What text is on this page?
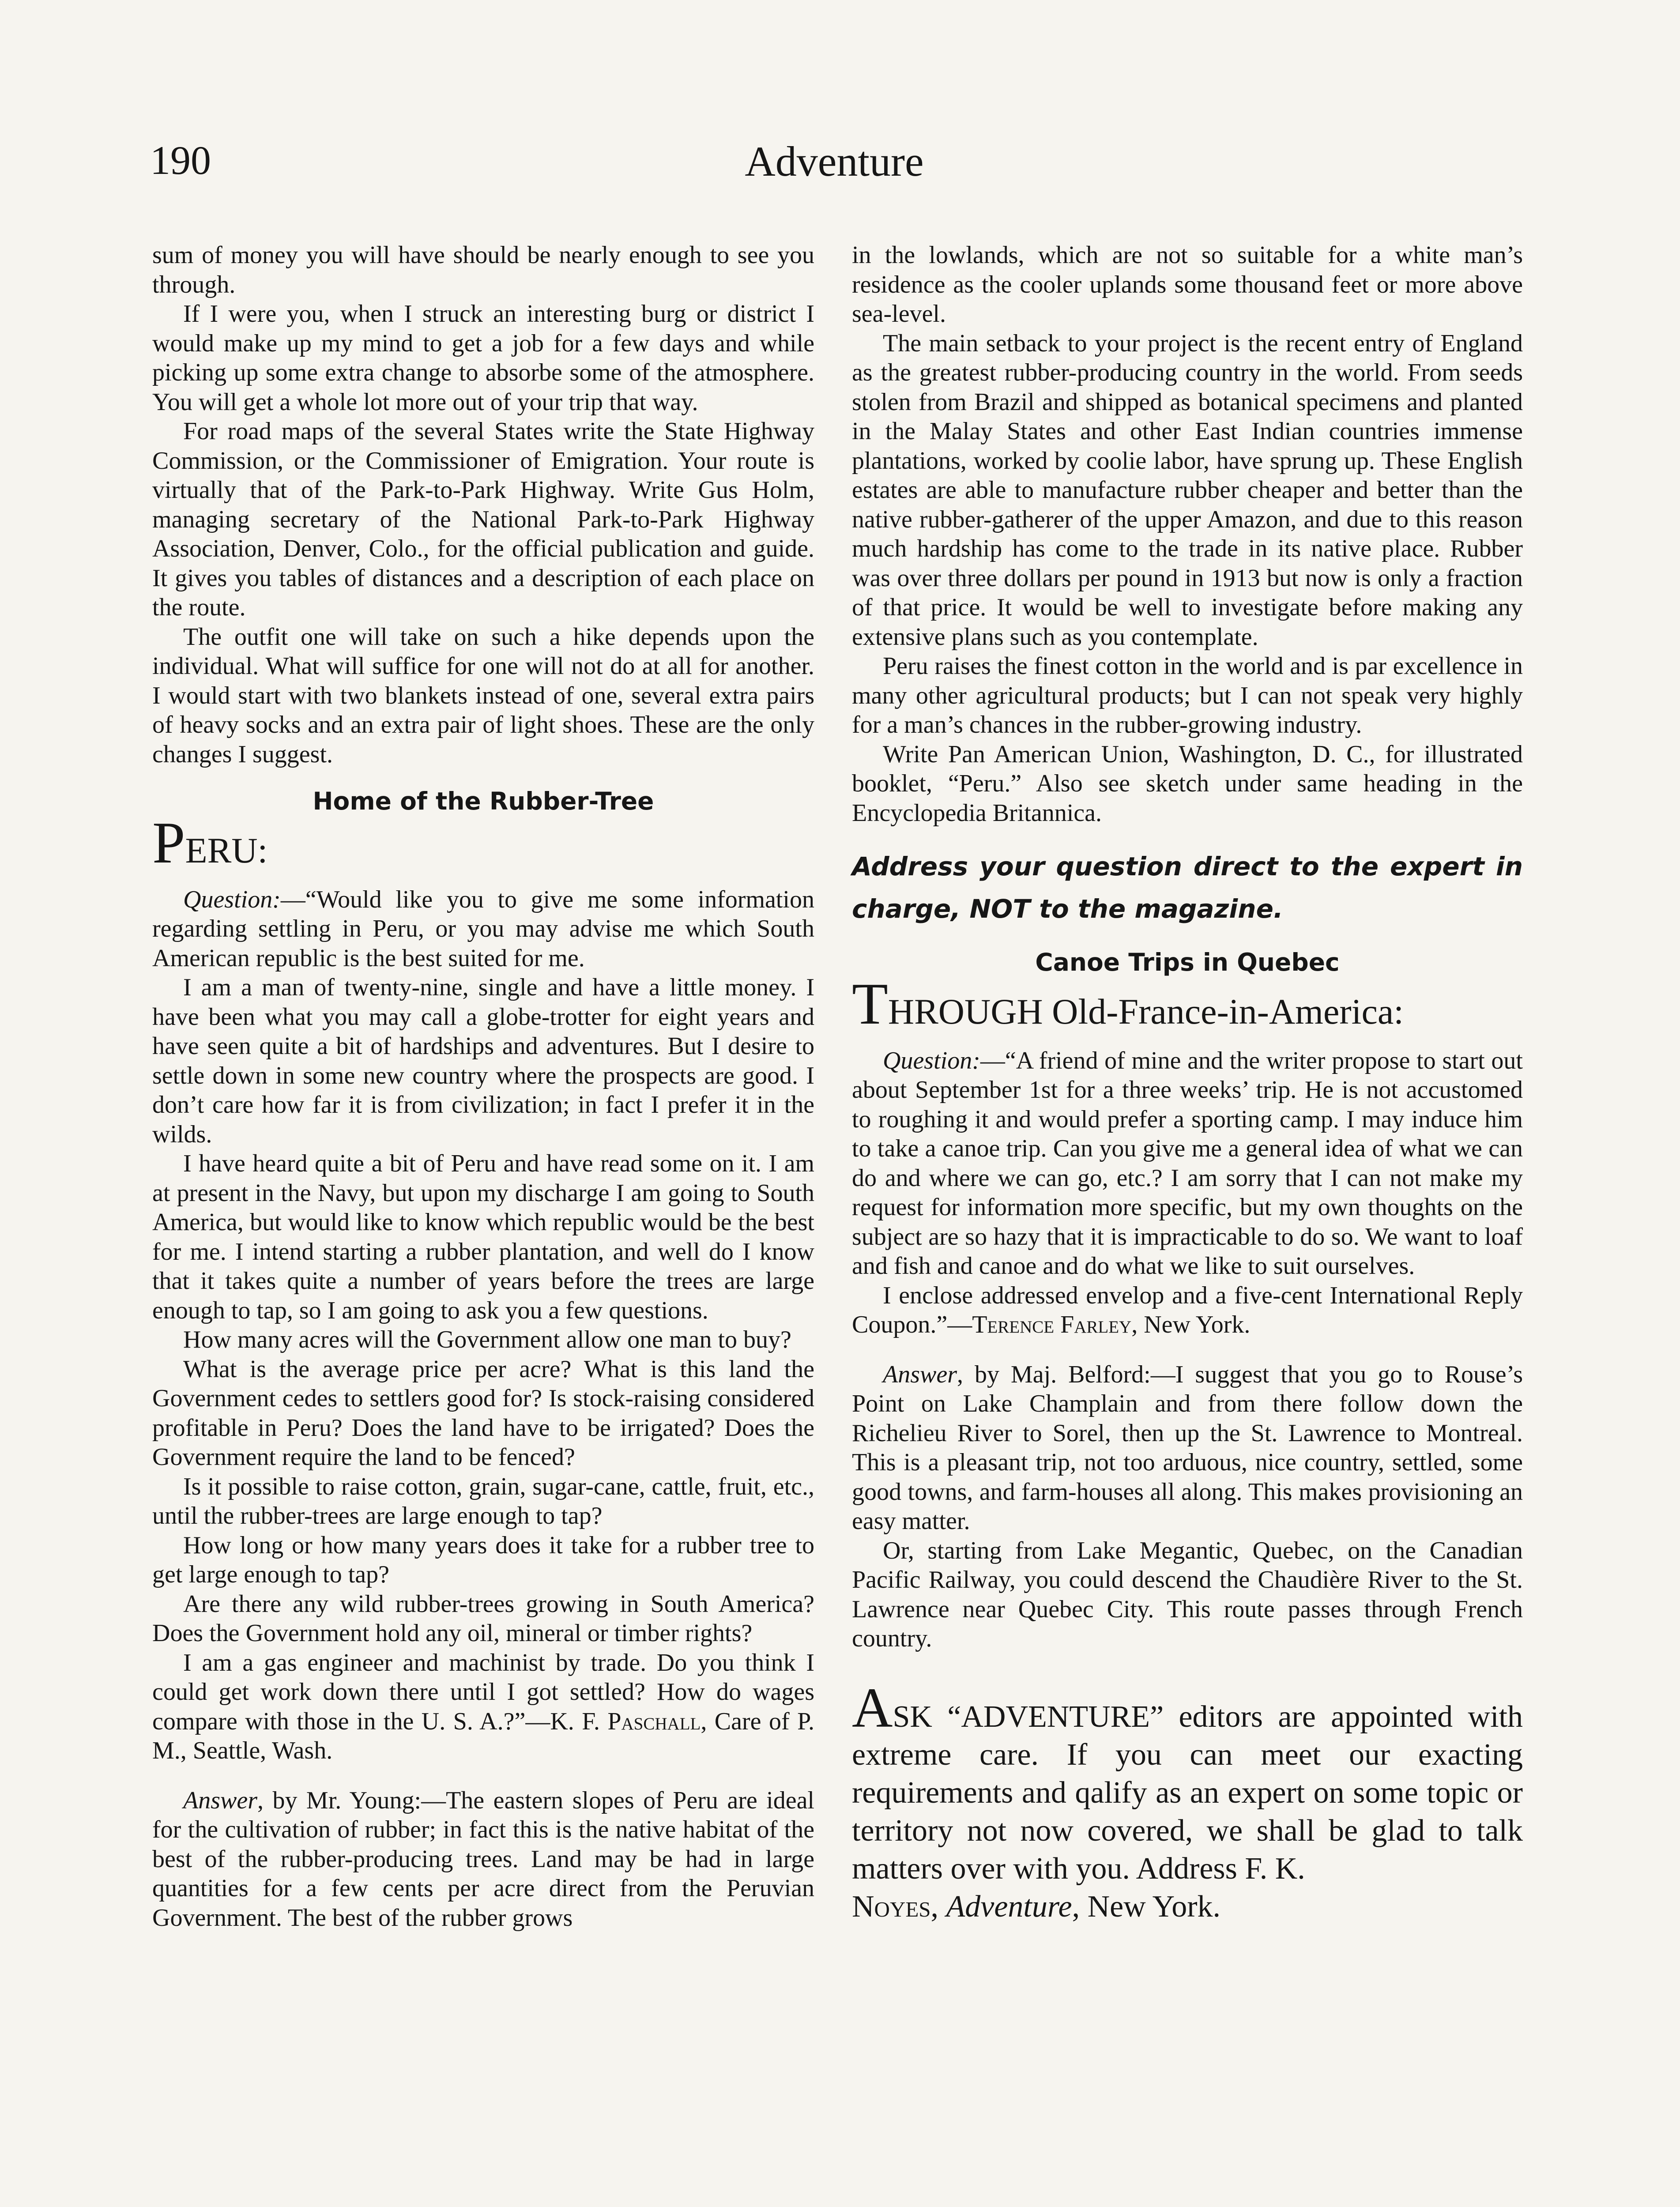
190	Adventure

sum of money you will have should be nearly enough to see you through.

If I were you, when I struck an interesting burg or district I would make up my mind to get a job for a few days and while picking up some extra change to absorbe some of the atmosphere. You will get a whole lot more out of your trip that way.

For road maps of the several States write the State Highway Commission, or the Commissioner of Emigration. Your route is virtually that of the Park-to-Park Highway. Write Gus Holm, managing secretary of the National Park-to-Park Highway Association, Denver, Colo., for the official publication and guide. It gives you tables of distances and a description of each place on the route.

The outfit one will take on such a hike depends upon the individual. What will suffice for one will not do at all for another. I would start with two blankets instead of one, several extra pairs of heavy socks and an extra pair of light shoes. These are the only changes I suggest.

Home of the Rubber-Tree
PERU:

Question:—“Would like you to give me some information regarding settling in Peru, or you may advise me which South American republic is the best suited for me.

I am a man of twenty-nine, single and have a little money. I have been what you may call a globe-trotter for eight years and have seen quite a bit of hardships and adventures. But I desire to settle down in some new country where the prospects are good. I don’t care how far it is from civilization; in fact I prefer it in the wilds.

I have heard quite a bit of Peru and have read some on it. I am at present in the Navy, but upon my discharge I am going to South America, but would like to know which republic would be the best for me. I intend starting a rubber plantation, and well do I know that it takes quite a number of years before the trees are large enough to tap, so I am going to ask you a few questions.

How many acres will the Government allow one man to buy?

What is the average price per acre? What is this land the Government cedes to settlers good for? Is stock-raising considered profitable in Peru? Does the land have to be irrigated? Does the Government require the land to be fenced?

Is it possible to raise cotton, grain, sugar-cane, cattle, fruit, etc., until the rubber-trees are large enough to tap?

How long or how many years does it take for a rubber tree to get large enough to tap?

Are there any wild rubber-trees growing in South America? Does the Government hold any oil, mineral or timber rights?

I am a gas engineer and machinist by trade. Do you think I could get work down there until I got settled? How do wages compare with those in the U. S. A.?”—K. F. Paschall, Care of P. M., Seattle, Wash.

Answer, by Mr. Young:—The eastern slopes of Peru are ideal for the cultivation of rubber; in fact this is the native habitat of the best of the rubber-producing trees. Land may be had in large quantities for a few cents per acre direct from the Peruvian Government. The best of the rubber grows

in the lowlands, which are not so suitable for a white man’s residence as the cooler uplands some thousand feet or more above sea-level.

The main setback to your project is the recent entry of England as the greatest rubber-producing country in the world. From seeds stolen from Brazil and shipped as botanical specimens and planted in the Malay States and other East Indian countries immense plantations, worked by coolie labor, have sprung up. These English estates are able to manufacture rubber cheaper and better than the native rubber-gatherer of the upper Amazon, and due to this reason much hardship has come to the trade in its native place. Rubber was over three dollars per pound in 1913 but now is only a fraction of that price. It would be well to investigate before making any extensive plans such as you contemplate.

Peru raises the finest cotton in the world and is par excellence in many other agricultural products; but I can not speak very highly for a man’s chances in the rubber-growing industry.

Write Pan American Union, Washington, D. C., for illustrated booklet, “Peru.” Also see sketch under same heading in the Encyclopedia Britannica.

Address your question direct to the expert in charge, NOT to the magazine.
Canoe Trips in Quebec
THROUGH Old-France-in-America:

Question:—“A friend of mine and the writer propose to start out about September 1st for a three weeks’ trip. He is not accustomed to roughing it and would prefer a sporting camp. I may induce him to take a canoe trip. Can you give me a general idea of what we can do and where we can go, etc.? I am sorry that I can not make my request for information more specific, but my own thoughts on the subject are so hazy that it is impracticable to do so. We want to loaf and fish and canoe and do what we like to suit ourselves.

I enclose addressed envelop and a five-cent International Reply Coupon.”—Terence Farley, New York.

Answer, by Maj. Belford:—I suggest that you go to Rouse’s Point on Lake Champlain and from there follow down the Richelieu River to Sorel, then up the St. Lawrence to Montreal. This is a pleasant trip, not too arduous, nice country, settled, some good towns, and farm-houses all along. This makes provisioning an easy matter.

Or, starting from Lake Megantic, Quebec, on the Canadian Pacific Railway, you could descend the Chaudière River to the St. Lawrence near Quebec City. This route passes through French country.

ASK “ADVENTURE” editors are appointed with extreme care. If you can meet our exacting requirements and qalify as an expert on some topic or territory not now covered, we shall be glad to talk matters over with you. Address F. K.
Noyes, Adventure, New York.
